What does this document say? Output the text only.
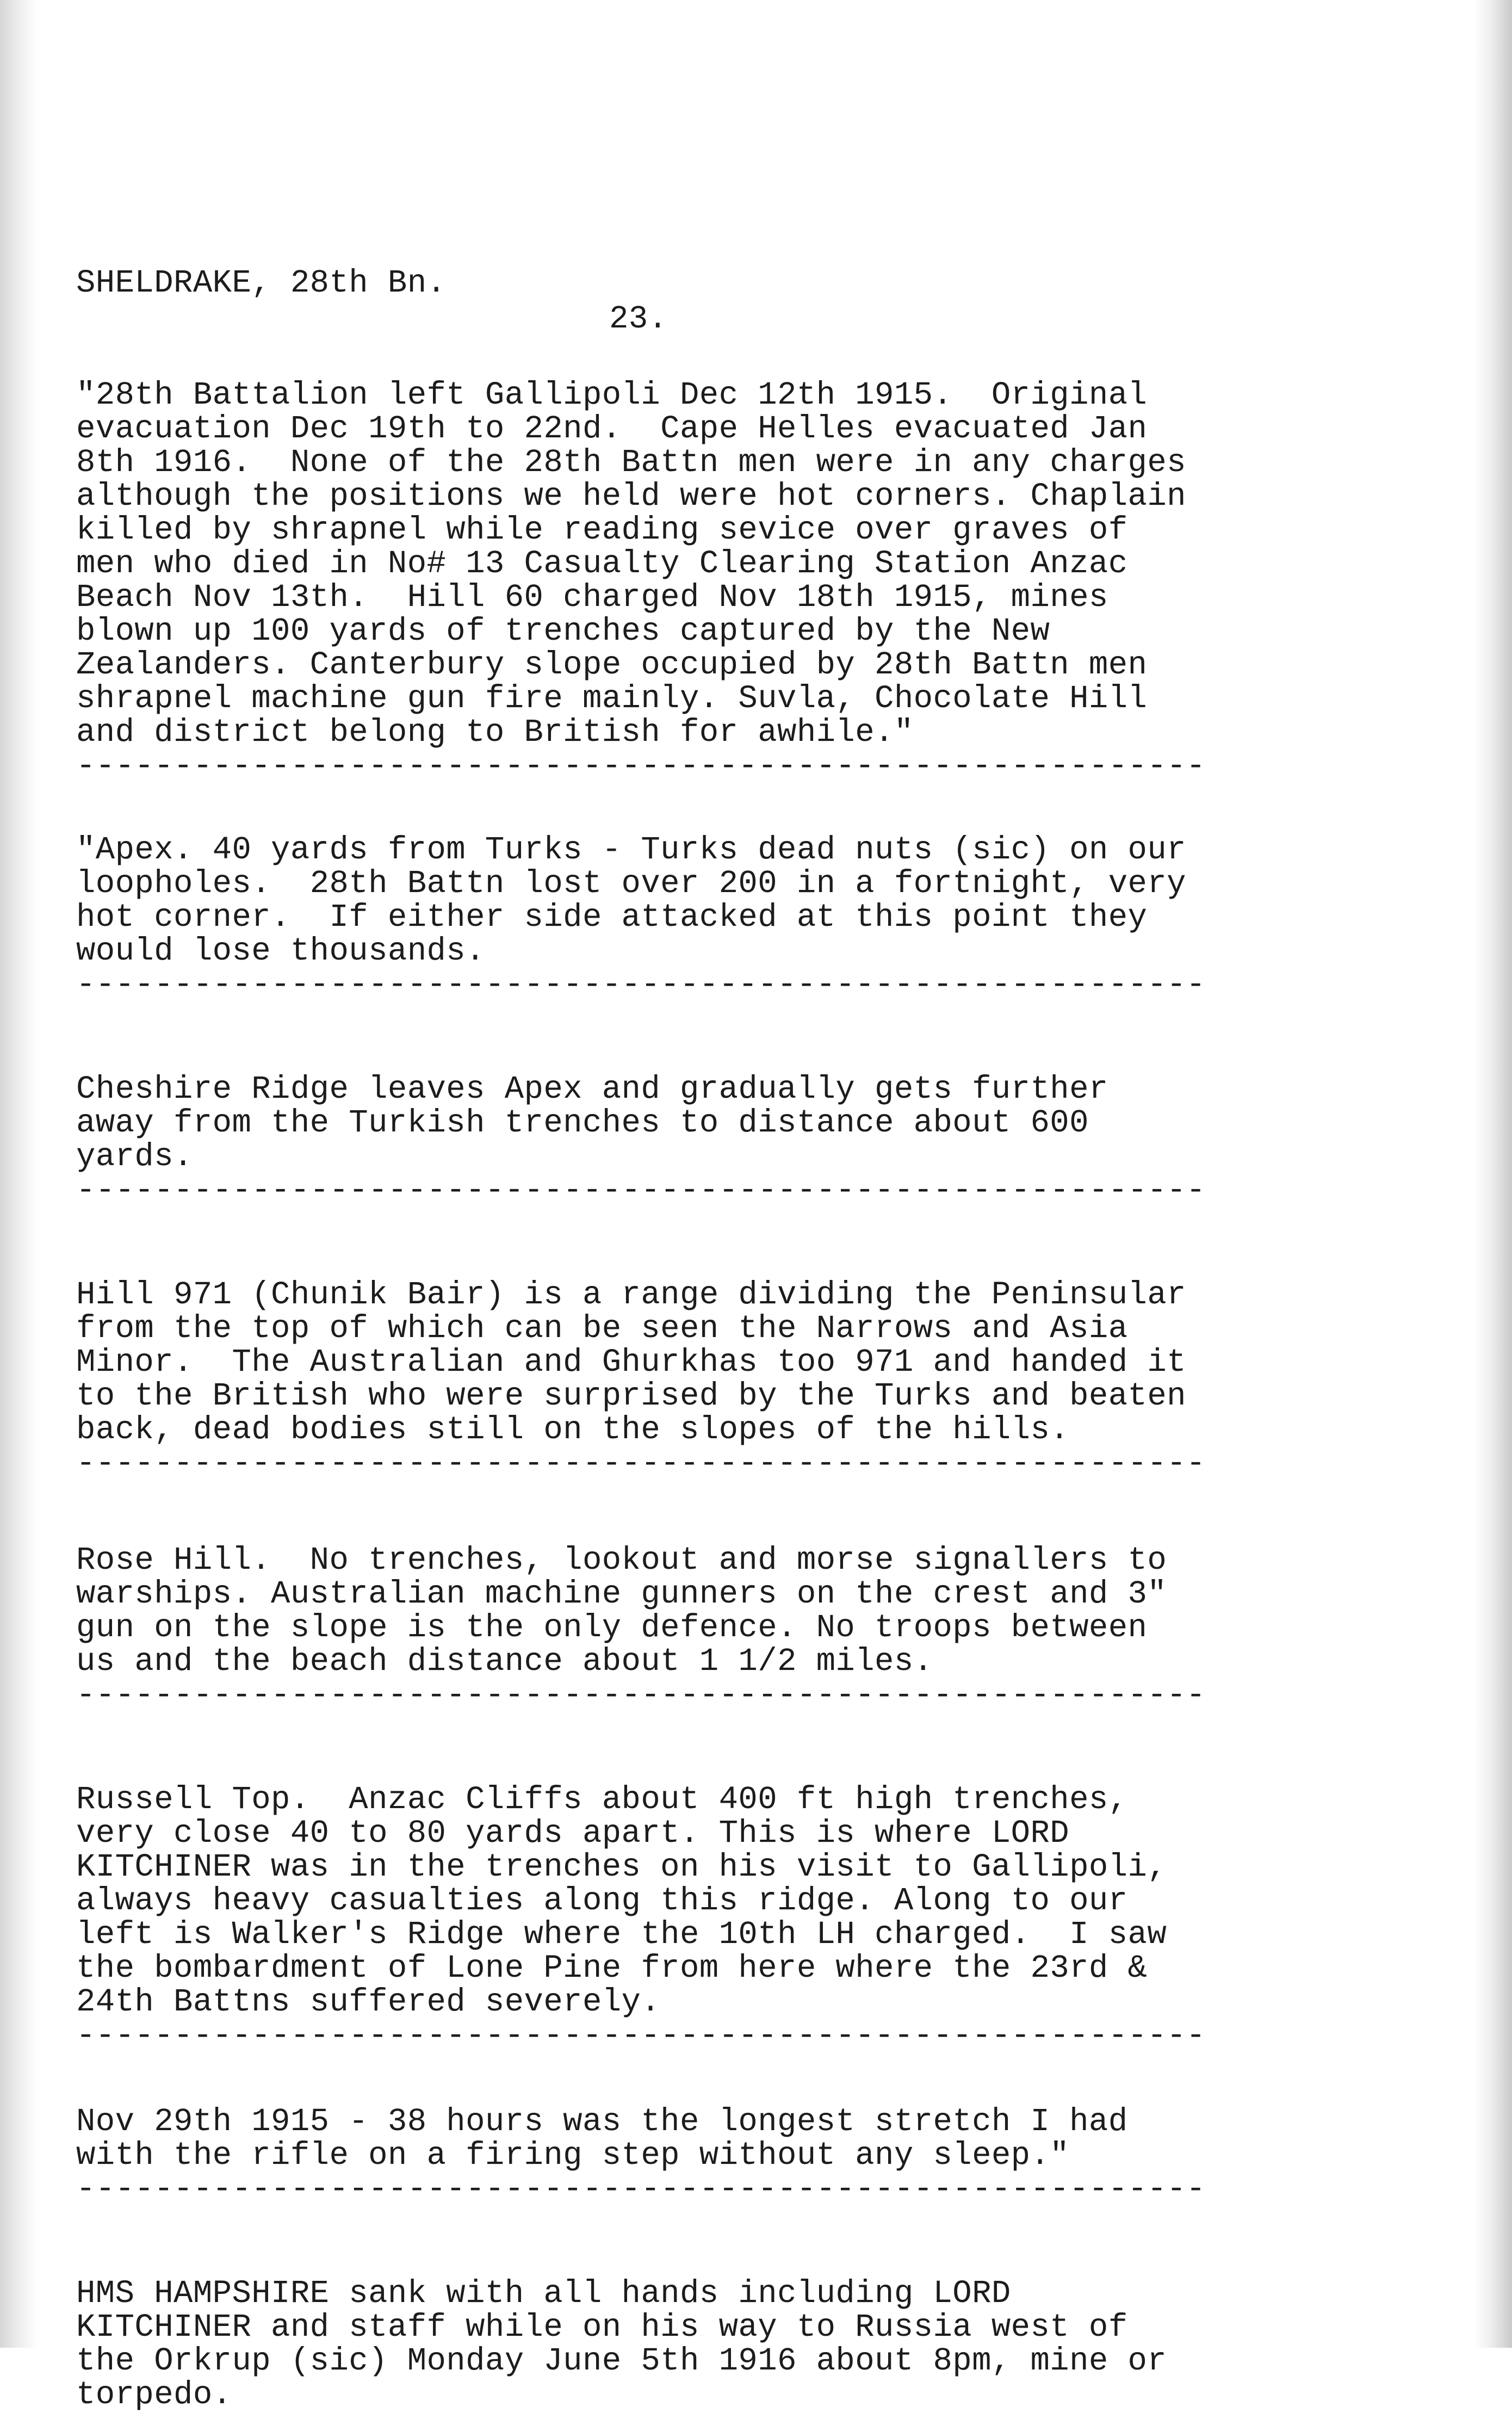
SHELDRAKE, 28th Bn.

23.

"28th Battalion left Gallipoli Dec 12th 1915.  Original

evacuation Dec 19th to 22nd.  Cape Helles evacuated Jan

8th 1916.  None of the 28th Battn men were in any charges

although the positions we held were hot corners. Chaplain

killed by shrapnel while reading sevice over graves of

men who died in No# 13 Casualty Clearing Station Anzac

Beach Nov 13th.  Hill 60 charged Nov 18th 1915, mines

blown up 100 yards of trenches captured by the New

Zealanders. Canterbury slope occupied by 28th Battn men

shrapnel machine gun fire mainly. Suvla, Chocolate Hill

and district belong to British for awhile."

----------------------------------------------------------

"Apex. 40 yards from Turks - Turks dead nuts (sic) on our

loopholes.  28th Battn lost over 200 in a fortnight, very

hot corner.  If either side attacked at this point they

would lose thousands.

----------------------------------------------------------

Cheshire Ridge leaves Apex and gradually gets further

away from the Turkish trenches to distance about 600

yards.

----------------------------------------------------------

Hill 971 (Chunik Bair) is a range dividing the Peninsular

from the top of which can be seen the Narrows and Asia

Minor.  The Australian and Ghurkhas too 971 and handed it

to the British who were surprised by the Turks and beaten

back, dead bodies still on the slopes of the hills.

----------------------------------------------------------

Rose Hill.  No trenches, lookout and morse signallers to

warships. Australian machine gunners on the crest and 3"

gun on the slope is the only defence. No troops between

us and the beach distance about 1 1/2 miles.

----------------------------------------------------------

Russell Top.  Anzac Cliffs about 400 ft high trenches,

very close 40 to 80 yards apart. This is where LORD

KITCHINER was in the trenches on his visit to Gallipoli,

always heavy casualties along this ridge. Along to our

left is Walker's Ridge where the 10th LH charged.  I saw

the bombardment of Lone Pine from here where the 23rd &

24th Battns suffered severely.

----------------------------------------------------------

Nov 29th 1915 - 38 hours was the longest stretch I had

with the rifle on a firing step without any sleep."

----------------------------------------------------------

HMS HAMPSHIRE sank with all hands including LORD

KITCHINER and staff while on his way to Russia west of

the Orkrup (sic) Monday June 5th 1916 about 8pm, mine or

torpedo.
